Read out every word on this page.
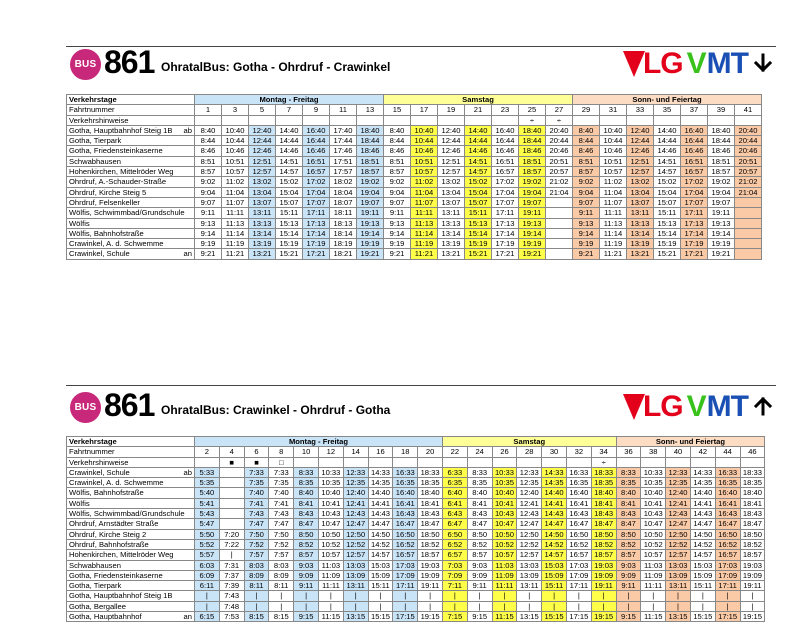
BUS 861 OhratalBus: Gotha - Ohrdruf - Crawinkel	LG V MT
Verkehrstage	Montag - Freitag							Samstag							Sonn- und Feiertag						
Fahrtnummer	1	3	5	7	9	11	13	15	17	19	21	23	25	27	29	31	33	35	37	39	41
Verkehrshinweise													÷	÷							
Gotha, Hauptbahnhof Steig 1B ab	8:40	10:40	12:40	14:40	16:40	17:40	18:40	8:40	10:40	12:40	14:40	16:40	18:40	20:40	8:40	10:40	12:40	14:40	16:40	18:40	20:40
Gotha, Tierpark	8:44	10:44	12:44	14:44	16:44	17:44	18:44	8:44	10:44	12:44	14:44	16:44	18:44	20:44	8:44	10:44	12:44	14:44	16:44	18:44	20:44
Gotha, Friedensteinkaserne	8:46	10:46	12:46	14:46	16:46	17:46	18:46	8:46	10:46	12:46	14:46	16:46	18:46	20:46	8:46	10:46	12:46	14:46	16:46	18:46	20:46
Schwabhausen	8:51	10:51	12:51	14:51	16:51	17:51	18:51	8:51	10:51	12:51	14:51	16:51	18:51	20:51	8:51	10:51	12:51	14:51	16:51	18:51	20:51
Hohenkirchen, Mittelröder Weg	8:57	10:57	12:57	14:57	16:57	17:57	18:57	8:57	10:57	12:57	14:57	16:57	18:57	20:57	8:57	10:57	12:57	14:57	16:57	18:57	20:57
Ohrdruf, A.-Schauder-Straße	9:02	11:02	13:02	15:02	17:02	18:02	19:02	9:02	11:02	13:02	15:02	17:02	19:02	21:02	9:02	11:02	13:02	15:02	17:02	19:02	21:02
Ohrdruf, Kirche Steig 5	9:04	11:04	13:04	15:04	17:04	18:04	19:04	9:04	11:04	13:04	15:04	17:04	19:04	21:04	9:04	11:04	13:04	15:04	17:04	19:04	21:04
Ohrdruf, Felsenkeller	9:07	11:07	13:07	15:07	17:07	18:07	19:07	9:07	11:07	13:07	15:07	17:07	19:07		9:07	11:07	13:07	15:07	17:07	19:07	
Wölfis, Schwimmbad/Grundschule	9:11	11:11	13:11	15:11	17:11	18:11	19:11	9:11	11:11	13:11	15:11	17:11	19:11		9:11	11:11	13:11	15:11	17:11	19:11	
Wölfis	9:13	11:13	13:13	15:13	17:13	18:13	19:13	9:13	11:13	13:13	15:13	17:13	19:13		9:13	11:13	13:13	15:13	17:13	19:13	
Wölfis, Bahnhofstraße	9:14	11:14	13:14	15:14	17:14	18:14	19:14	9:14	11:14	13:14	15:14	17:14	19:14		9:14	11:14	13:14	15:14	17:14	19:14	
Crawinkel, A. d. Schwemme	9:19	11:19	13:19	15:19	17:19	18:19	19:19	9:19	11:19	13:19	15:19	17:19	19:19		9:19	11:19	13:19	15:19	17:19	19:19	
Crawinkel, Schule an	9:21	11:21	13:21	15:21	17:21	18:21	19:21	9:21	11:21	13:21	15:21	17:21	19:21		9:21	11:21	13:21	15:21	17:21	19:21	
BUS 861 OhratalBus: Crawinkel - Ohrdruf - Gotha	LG V MT
Verkehrstage	Montag - Freitag										Samstag							Sonn- und Feiertag					
Fahrtnummer	2	4	6	8	10	12	14	16	18	20	22	24	26	28	30	32	34	36	38	40	42	44	46
Verkehrshinweise		■	■	□													÷						
Crawinkel, Schule ab	5:33		7:33	7:33	8:33	10:33	12:33	14:33	16:33	18:33	6:33	8:33	10:33	12:33	14:33	16:33	18:33	8:33	10:33	12:33	14:33	16:33	18:33
Crawinkel, A. d. Schwemme	5:35		7:35	7:35	8:35	10:35	12:35	14:35	16:35	18:35	6:35	8:35	10:35	12:35	14:35	16:35	18:35	8:35	10:35	12:35	14:35	16:35	18:35
Wölfis, Bahnhofstraße	5:40		7:40	7:40	8:40	10:40	12:40	14:40	16:40	18:40	6:40	8:40	10:40	12:40	14:40	16:40	18:40	8:40	10:40	12:40	14:40	16:40	18:40
Wölfis	5:41		7:41	7:41	8:41	10:41	12:41	14:41	16:41	18:41	6:41	8:41	10:41	12:41	14:41	16:41	18:41	8:41	10:41	12:41	14:41	16:41	18:41
Wölfis, Schwimmbad/Grundschule	5:43		7:43	7:43	8:43	10:43	12:43	14:43	16:43	18:43	6:43	8:43	10:43	12:43	14:43	16:43	18:43	8:43	10:43	12:43	14:43	16:43	18:43
Ohrdruf, Arnstädter Straße	5:47		7:47	7:47	8:47	10:47	12:47	14:47	16:47	18:47	6:47	8:47	10:47	12:47	14:47	16:47	18:47	8:47	10:47	12:47	14:47	16:47	18:47
Ohrdruf, Kirche Steig 2	5:50	7:20	7:50	7:50	8:50	10:50	12:50	14:50	16:50	18:50	6:50	8:50	10:50	12:50	14:50	16:50	18:50	8:50	10:50	12:50	14:50	16:50	18:50
Ohrdruf, Bahnhofstraße	5:52	7:22	7:52	7:52	8:52	10:52	12:52	14:52	16:52	18:52	6:52	8:52	10:52	12:52	14:52	16:52	18:52	8:52	10:52	12:52	14:52	16:52	18:52
Hohenkirchen, Mittelröder Weg	5:57	|	7:57	7:57	8:57	10:57	12:57	14:57	16:57	18:57	6:57	8:57	10:57	12:57	14:57	16:57	18:57	8:57	10:57	12:57	14:57	16:57	18:57
Schwabhausen	6:03	7:31	8:03	8:03	9:03	11:03	13:03	15:03	17:03	19:03	7:03	9:03	11:03	13:03	15:03	17:03	19:03	9:03	11:03	13:03	15:03	17:03	19:03
Gotha, Friedensteinkaserne	6:09	7:37	8:09	8:09	9:09	11:09	13:09	15:09	17:09	19:09	7:09	9:09	11:09	13:09	15:09	17:09	19:09	9:09	11:09	13:09	15:09	17:09	19:09
Gotha, Tierpark	6:11	7:39	8:11	8:11	9:11	11:11	13:11	15:11	17:11	19:11	7:11	9:11	11:11	13:11	15:11	17:11	19:11	9:11	11:11	13:11	15:11	17:11	19:11
Gotha, Hauptbahnhof Steig 1B	|	7:43	|	|	|	|	|	|	|	|	|	|	|	|	|	|	|	|	|	|	|	|	|
Gotha, Bergallee	|	7:48	|	|	|	|	|	|	|	|	|	|	|	|	|	|	|	|	|	|	|	|	|
Gotha, Hauptbahnhof an	6:15	7:53	8:15	8:15	9:15	11:15	13:15	15:15	17:15	19:15	7:15	9:15	11:15	13:15	15:15	17:15	19:15	9:15	11:15	13:15	15:15	17:15	19:15
